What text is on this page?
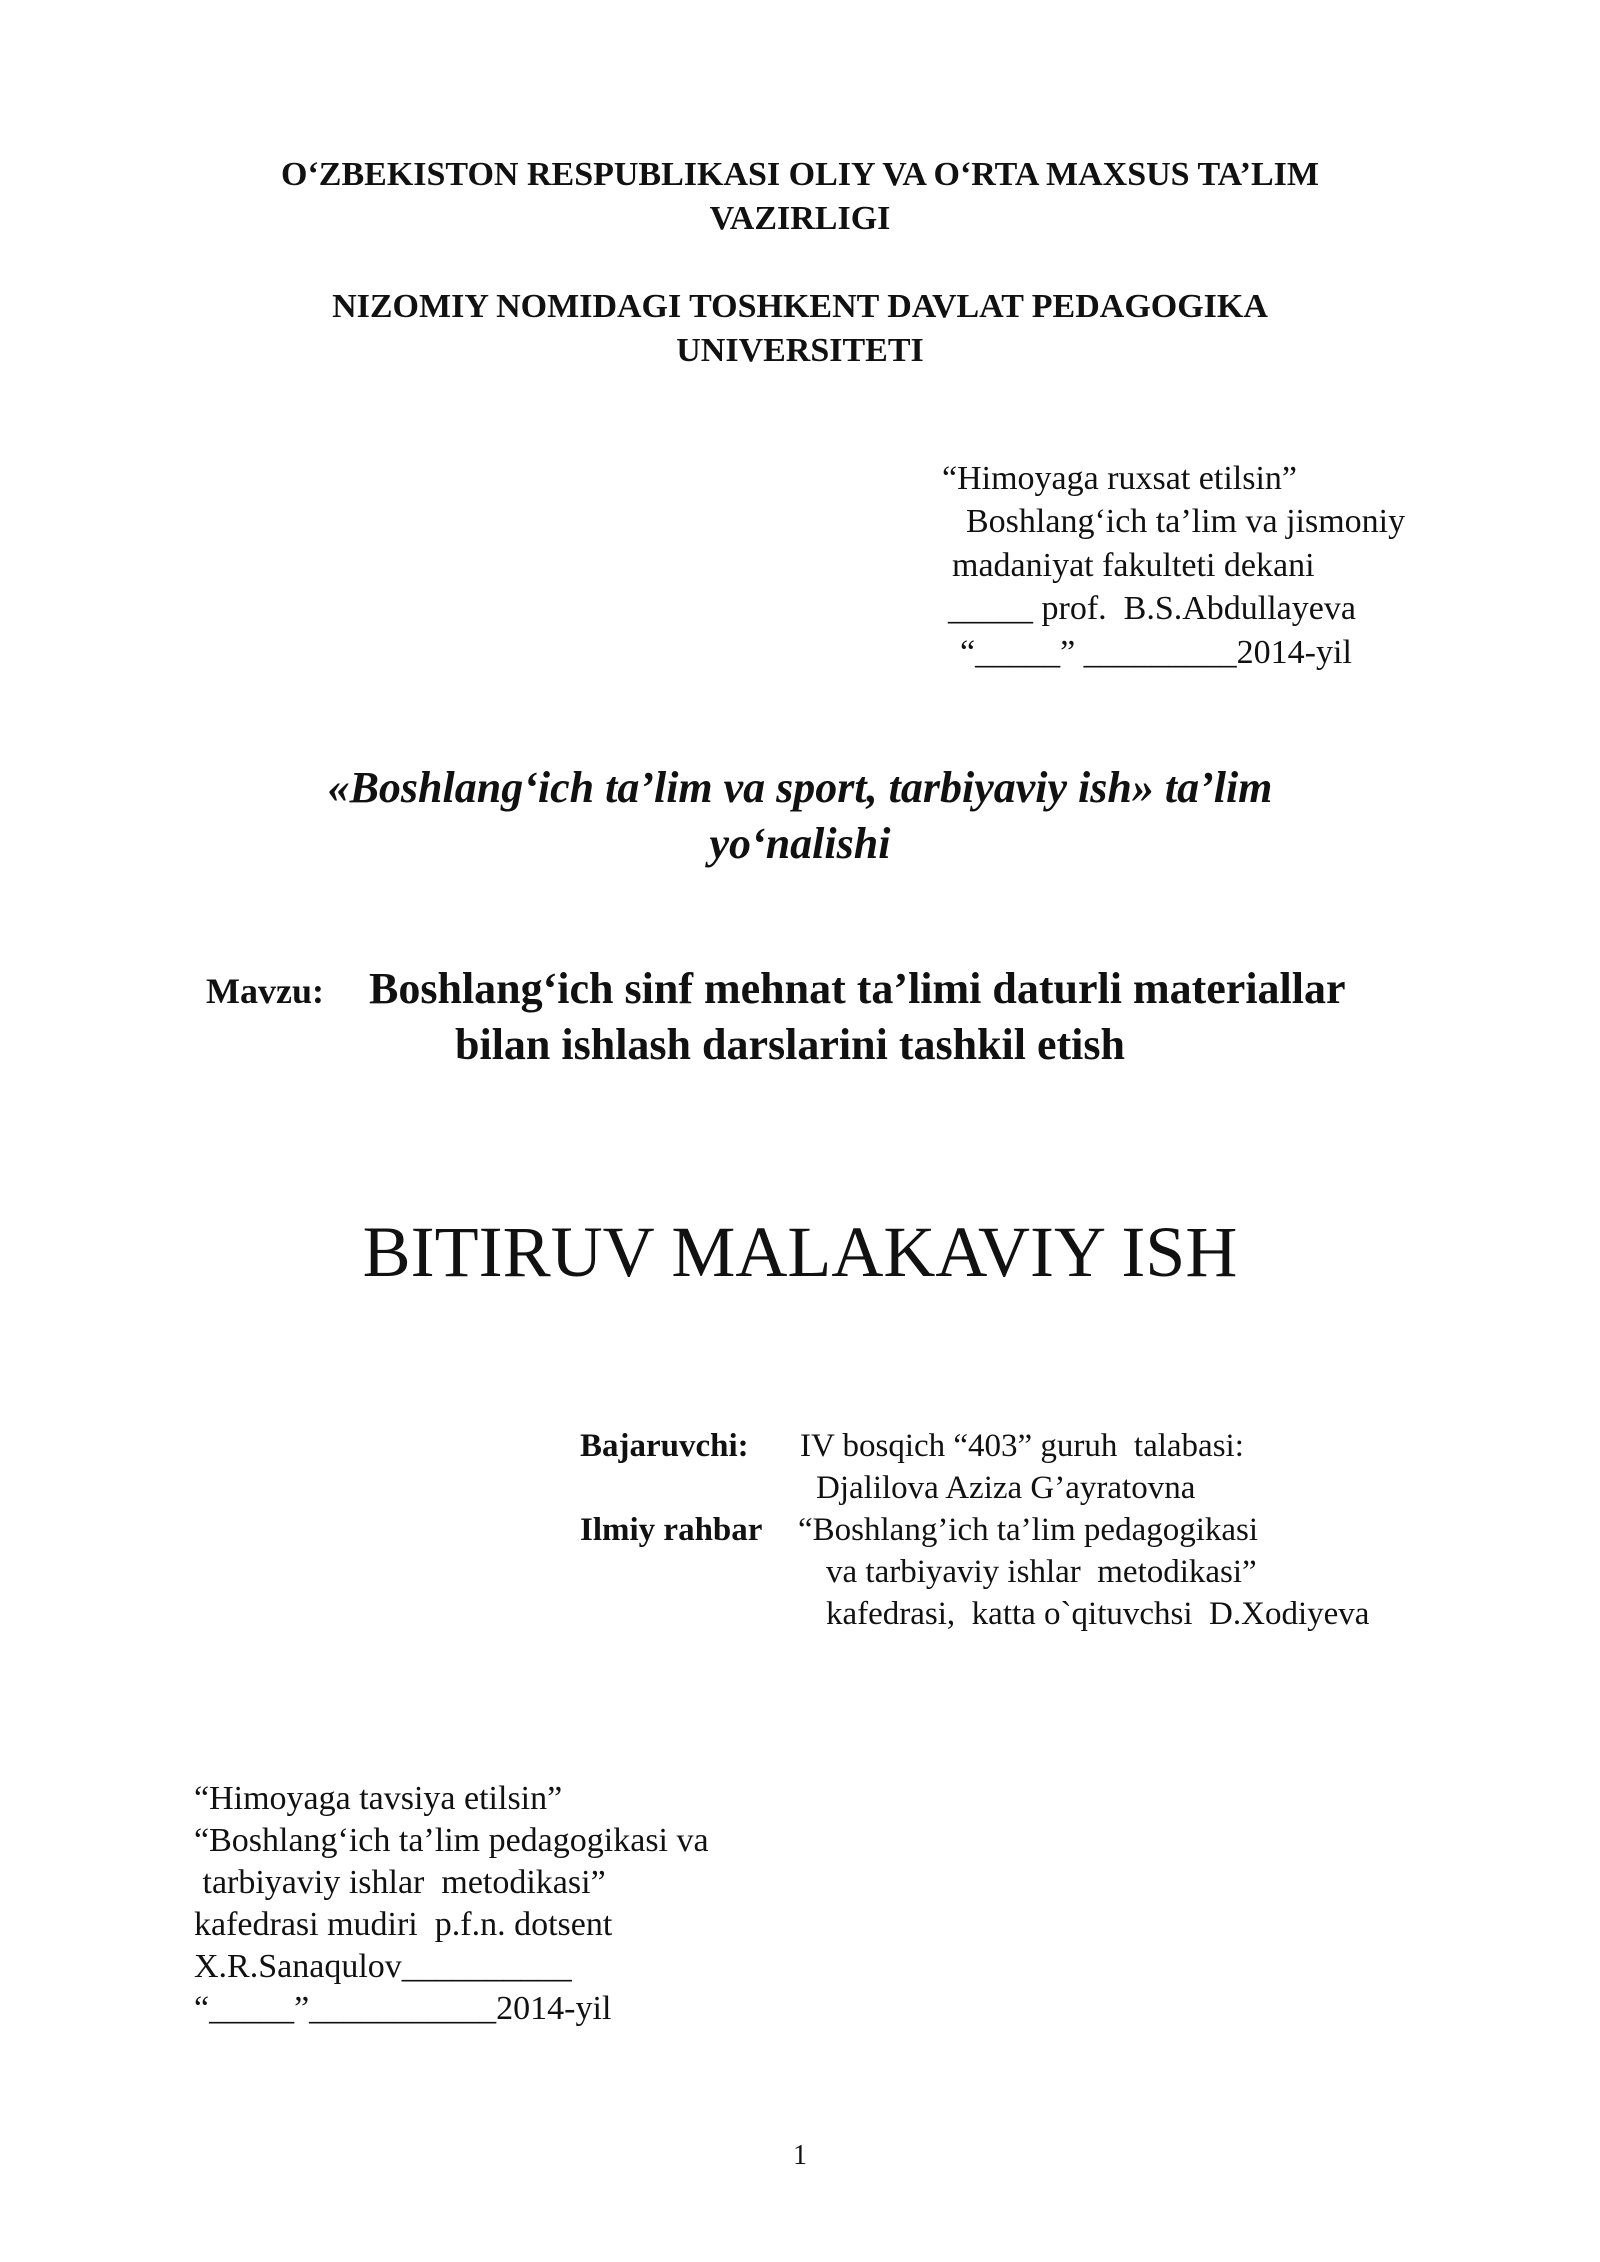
O‘ZBEKISTON RESPUBLIKASI OLIY VA O‘RTA MAXSUS TA’LIM
VAZIRLIGI
NIZOMIY NOMIDAGI TOSHKENT DAVLAT PEDAGOGIKA
UNIVERSITETI
“Himoyaga ruxsat etilsin”
Boshlang‘ich ta’lim va jismoniy
madaniyat fakulteti dekani
_____ prof.  B.S.Abdullayeva
“_____” _________2014-yil
«Boshlang‘ich ta’lim va sport, tarbiyaviy ish» ta’lim
yo‘nalishi
Mavzu: Boshlang‘ich sinf mehnat ta’limi daturli materiallar
bilan ishlash darslarini tashkil etish
BITIRUV MALAKAVIY ISH
Bajaruvchi: IV bosqich “403” guruh  talabasi:
Djalilova Aziza G’ayratovna
Ilmiy rahbar “Boshlang’ich ta’lim pedagogikasi
va tarbiyaviy ishlar  metodikasi”
kafedrasi,  katta o`qituvchsi  D.Xodiyeva
“Himoyaga tavsiya etilsin”
“Boshlang‘ich ta’lim pedagogikasi va
tarbiyaviy ishlar  metodikasi”
kafedrasi mudiri  p.f.n. dotsent
X.R.Sanaqulov__________
“_____”___________2014-yil
1
